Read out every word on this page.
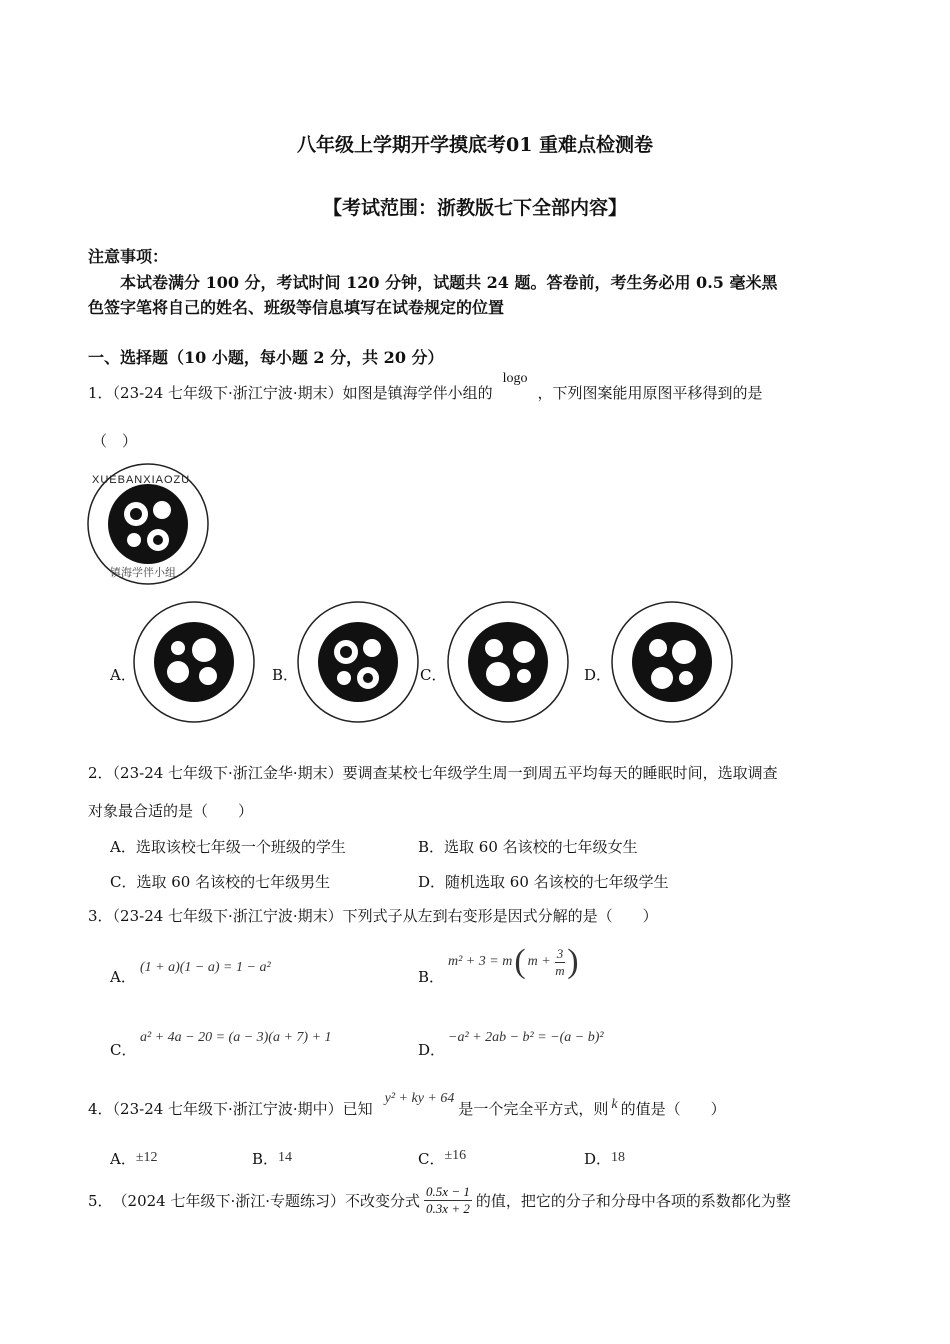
八年级上学期开学摸底考01 重难点检测卷
【考试范围：浙教版七下全部内容】
注意事项：
本试卷满分 100 分，考试时间 120 分钟，试题共 24 题。答卷前，考生务必用 0.5 毫米黑
色签字笔将自己的姓名、班级等信息填写在试卷规定的位置
一、选择题（10 小题，每小题 2 分，共 20 分）
1．（23-24 七年级下·浙江宁波·期末）如图是镇海学伴小组的logo，下列图案能用原图平移得到的是
（　）
XUEBANXIAOZU
镇海学伴小组
A．	B．	C．	D．
2．（23-24 七年级下·浙江金华·期末）要调查某校七年级学生周一到周五平均每天的睡眠时间，选取调查
对象最合适的是（　　）
A．选取该校七年级一个班级的学生	B．选取 60 名该校的七年级女生
C．选取 60 名该校的七年级男生	D．随机选取 60 名该校的七年级学生
3．（23-24 七年级下·浙江宁波·期末）下列式子从左到右变形是因式分解的是（　　）
A．
(1 + a)(1 − a) = 1 − a²
B．
m² + 3 = m ( $m + \frac{3}{m}$ )
C．
a² + 4a − 20 = (a − 3)(a + 7) + 1
D．
−a² + 2ab − b² = −(a − b)²
4．（23-24 七年级下·浙江宁波·期中）已知y² + ky + 64是一个完全平方式，则 k 的值是（　　）
A．±12	B．14	C．±16	D．18
5． （2024 七年级下·浙江·专题练习） 不改变分式 $\frac{0.5x - 1}{0.3x + 2}$ 的值，把它的分子和分母中各项的系数都化为整
